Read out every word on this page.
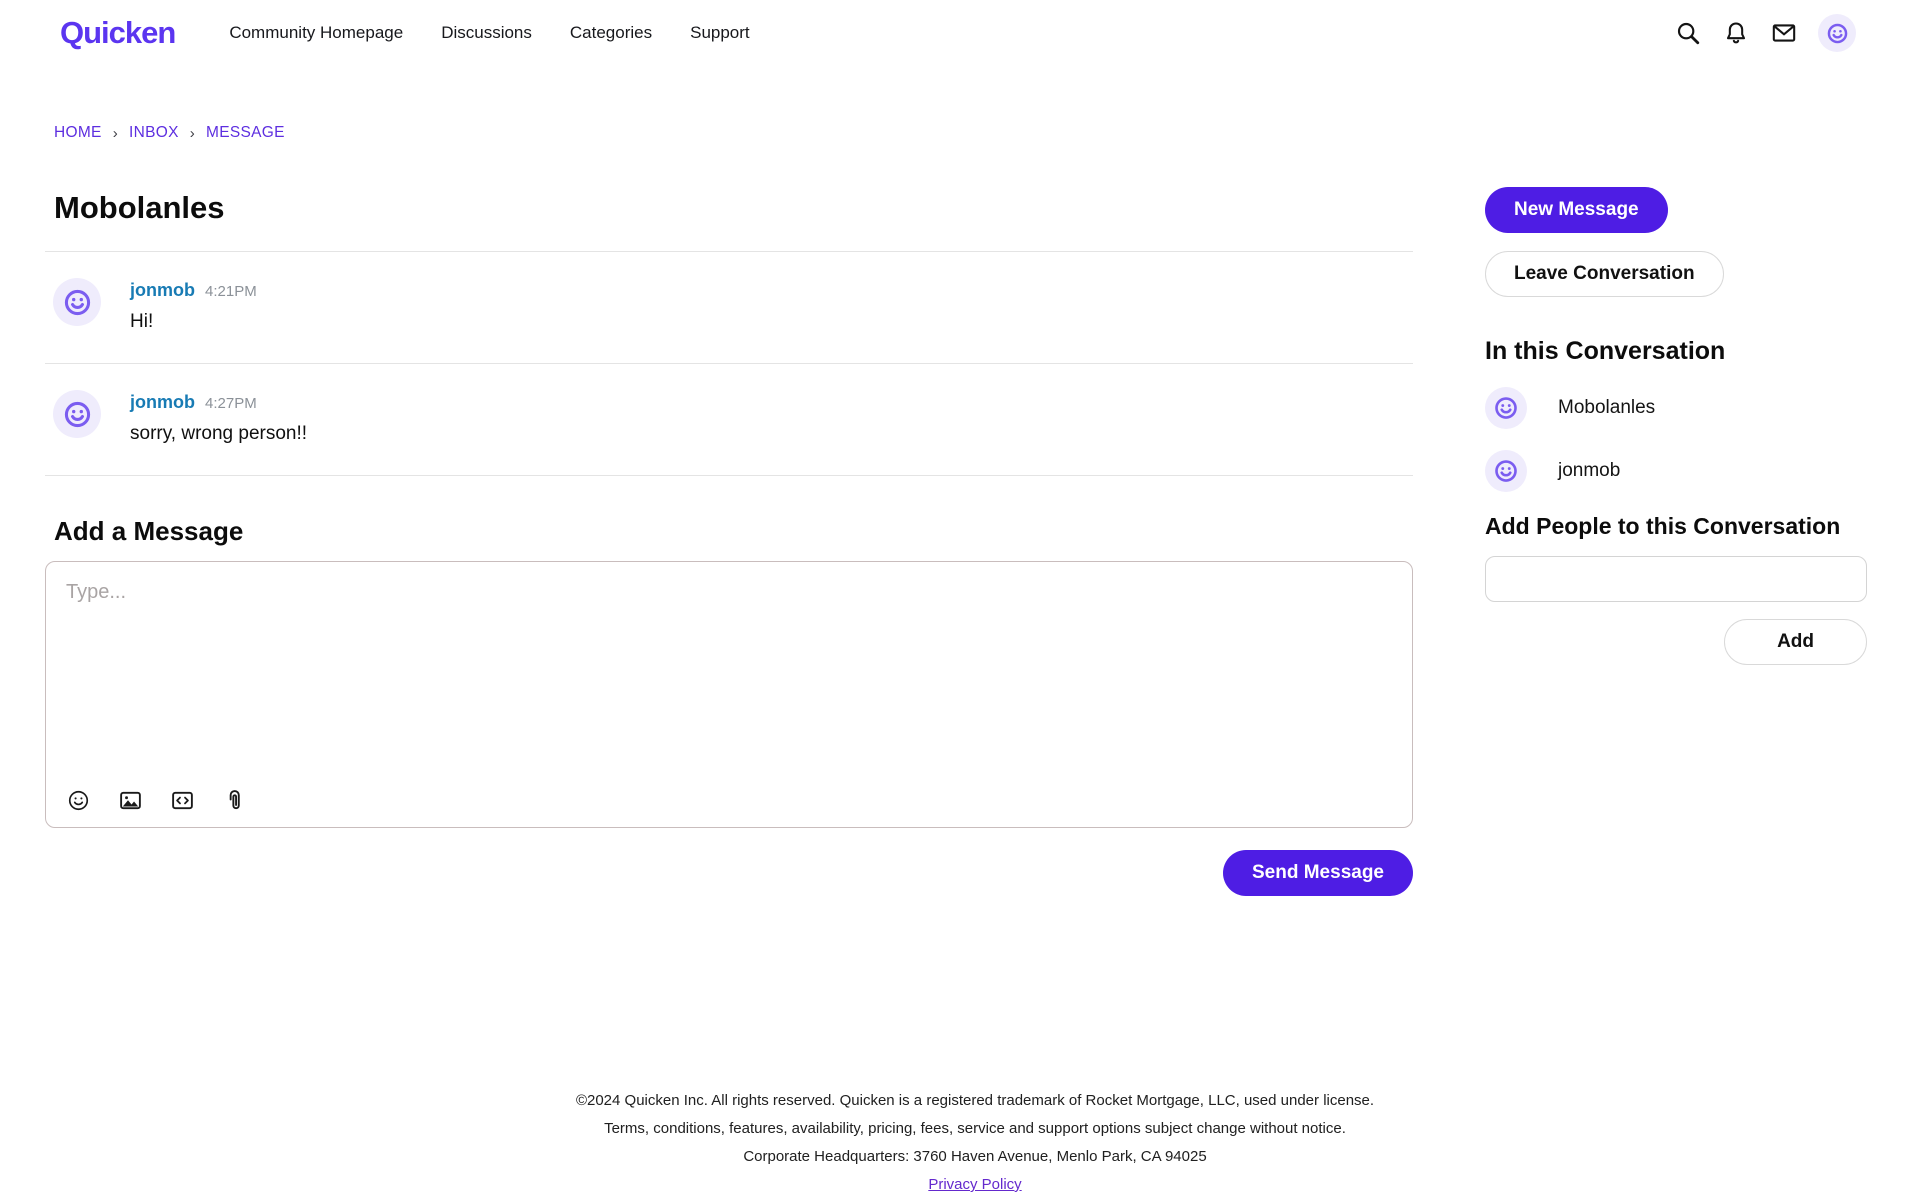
Quicken	Community Homepage Discussions Categories Support
HOME › INBOX › MESSAGE
Mobolanles
jonmob 4:21PM
Hi!
jonmob 4:27PM
sorry, wrong person!!
Add a Message
Type...
Send Message
New Message
Leave Conversation
In this Conversation
Mobolanles
jonmob
Add People to this Conversation
Add

©2024 Quicken Inc. All rights reserved. Quicken is a registered trademark of Rocket Mortgage, LLC, used under license.

Terms, conditions, features, availability, pricing, fees, service and support options subject change without notice.

Corporate Headquarters: 3760 Haven Avenue, Menlo Park, CA 94025

Privacy Policy
